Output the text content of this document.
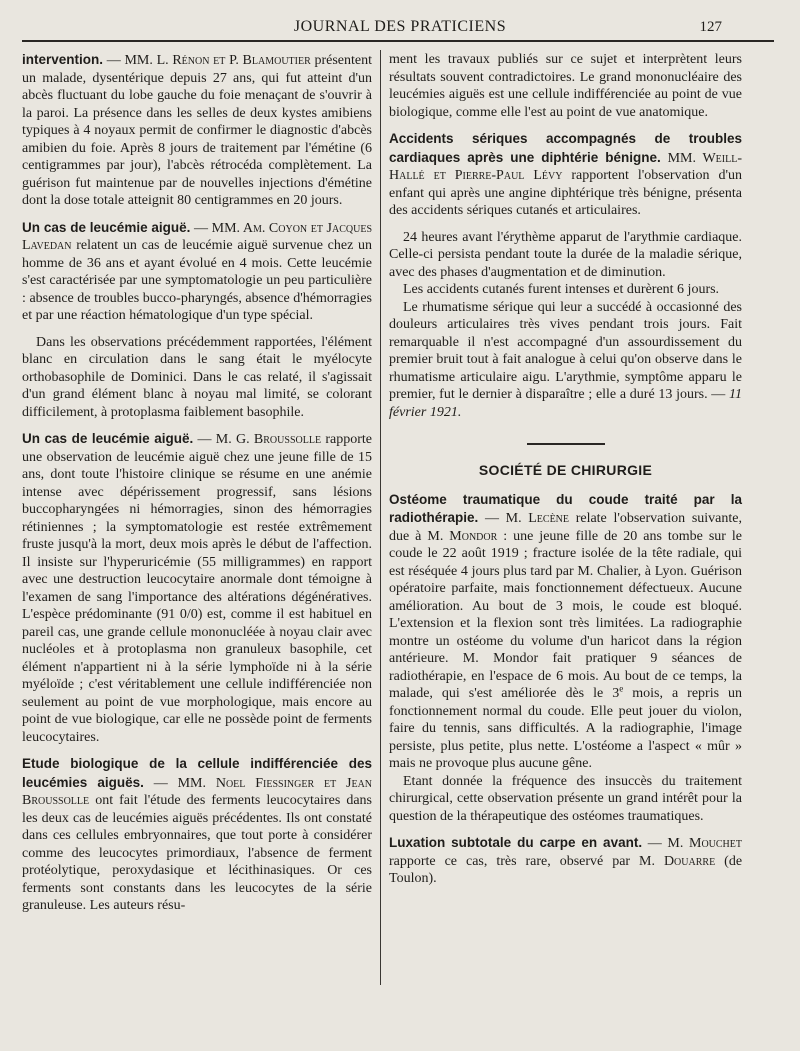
JOURNAL DES PRATICIENS	127

intervention. — MM. L. Rénon et P. Blamoutier présentent un malade, dysentérique depuis 27 ans, qui fut atteint d'un abcès fluctuant du lobe gauche du foie menaçant de s'ouvrir à la paroi. La présence dans les selles de deux kystes amibiens typiques à 4 noyaux permit de confirmer le diagnostic d'abcès amibien du foie. Après 8 jours de traitement par l'émétine (6 centigrammes par jour), l'abcès rétrocéda complètement. La guérison fut maintenue par de nouvelles injections d'émétine dont la dose totale atteignit 80 centigrammes en 20 jours.

Un cas de leucémie aiguë. — MM. Am. Coyon et Jacques Lavedan relatent un cas de leucémie aiguë survenue chez un homme de 36 ans et ayant évolué en 4 mois. Cette leucémie s'est caractérisée par une symptomatologie un peu particulière : absence de troubles bucco-pharyngés, absence d'hémorragies et par une réaction hématologique d'un type spécial.

Dans les observations précédemment rapportées, l'élément blanc en circulation dans le sang était le myélocyte orthobasophile de Dominici. Dans le cas relaté, il s'agissait d'un grand élément blanc à noyau mal limité, se colorant difficilement, à protoplasma faiblement basophile.

Un cas de leucémie aiguë. — M. G. Broussolle rapporte une observation de leucémie aiguë chez une jeune fille de 15 ans, dont toute l'histoire clinique se résume en une anémie intense avec dépérissement progressif, sans lésions buccopharyngées ni hémorragies, sinon des hémorragies rétiniennes ; la symptomatologie est restée extrêmement fruste jusqu'à la mort, deux mois après le début de l'affection. Il insiste sur l'hyperuricémie (55 milligrammes) en rapport avec une destruction leucocytaire anormale dont témoigne à l'examen de sang l'importance des altérations dégénératives. L'espèce prédominante (91 0/0) est, comme il est habituel en pareil cas, une grande cellule mononucléée à noyau clair avec nucléoles et à protoplasma non granuleux basophile, cet élément n'appartient ni à la série lymphoïde ni à la série myéloïde ; c'est véritablement une cellule indifférenciée non seulement au point de vue morphologique, mais encore au point de vue biologique, car elle ne possède point de ferments leucocytaires.

Etude biologique de la cellule indifférenciée des leucémies aiguës. — MM. Noel Fiessinger et Jean Broussolle ont fait l'étude des ferments leucocytaires dans les deux cas de leucémies aiguës précédentes. Ils ont constaté dans ces cellules embryonnaires, que tout porte à considérer comme des leucocytes primordiaux, l'absence de ferment protéolytique, peroxydasique et lécithinasiques. Or ces ferments sont constants dans les leucocytes de la série granuleuse. Les auteurs résu-

ment les travaux publiés sur ce sujet et interprètent leurs résultats souvent contradictoires. Le grand mononucléaire des leucémies aiguës est une cellule indifférenciée au point de vue biologique, comme elle l'est au point de vue anatomique.

Accidents sériques accompagnés de troubles cardiaques après une diphtérie bénigne. MM. Weill-Hallé et Pierre-Paul Lévy rapportent l'observation d'un enfant qui après une angine diphtérique très bénigne, présenta des accidents sériques cutanés et articulaires.

24 heures avant l'érythème apparut de l'arythmie cardiaque. Celle-ci persista pendant toute la durée de la maladie sérique, avec des phases d'augmentation et de diminution.

Les accidents cutanés furent intenses et durèrent 6 jours.

Le rhumatisme sérique qui leur a succédé à occasionné des douleurs articulaires très vives pendant trois jours. Fait remarquable il n'est accompagné d'un assourdissement du premier bruit tout à fait analogue à celui qu'on observe dans le rhumatisme articulaire aigu. L'arythmie, symptôme apparu le premier, fut le dernier à disparaître ; elle a duré 13 jours. — 11 février 1921.

SOCIÉTÉ DE CHIRURGIE

Ostéome traumatique du coude traité par la radiothérapie. — M. Lecène relate l'observation suivante, due à M. Mondor : une jeune fille de 20 ans tombe sur le coude le 22 août 1919 ; fracture isolée de la tête radiale, qui est réséquée 4 jours plus tard par M. Chalier, à Lyon. Guérison opératoire parfaite, mais fonctionnement défectueux. Aucune amélioration. Au bout de 3 mois, le coude est bloqué. L'extension et la flexion sont très limitées. La radiographie montre un ostéome du volume d'un haricot dans la région antérieure. M. Mondor fait pratiquer 9 séances de radiothérapie, en l'espace de 6 mois. Au bout de ce temps, la malade, qui s'est améliorée dès le 3e mois, a repris un fonctionnement normal du coude. Elle peut jouer du violon, faire du tennis, sans difficultés. A la radiographie, l'image persiste, plus petite, plus nette. L'ostéome a l'aspect « mûr » mais ne provoque plus aucune gêne.

Etant donnée la fréquence des insuccès du traitement chirurgical, cette observation présente un grand intérêt pour la question de la thérapeutique des ostéomes traumatiques.

Luxation subtotale du carpe en avant. — M. Mouchet rapporte ce cas, très rare, observé par M. Douarre (de Toulon).
